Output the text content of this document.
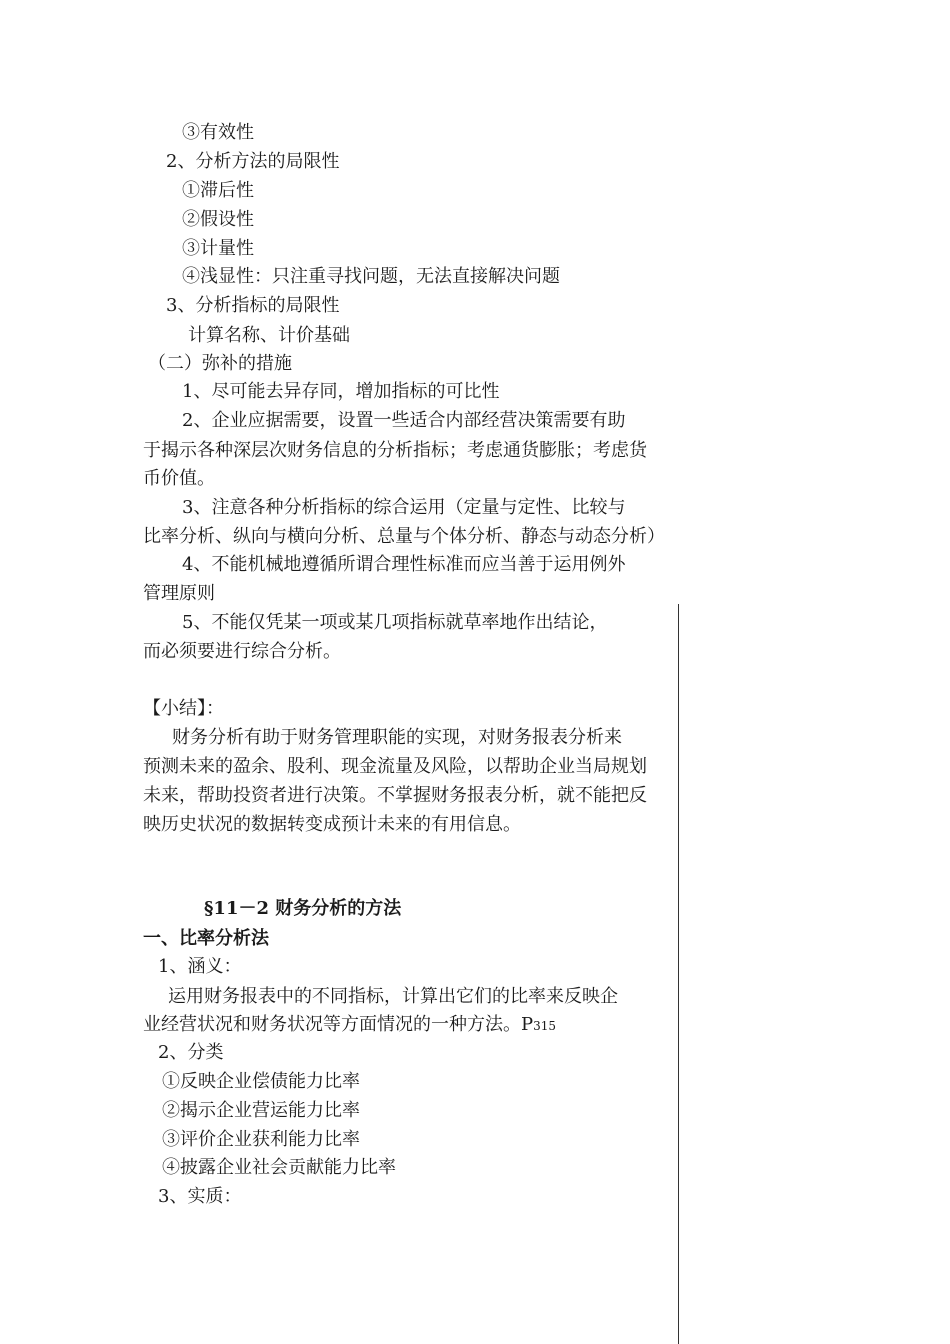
③有效性

2、分析方法的局限性

①滞后性

②假设性

③计量性

④浅显性：只注重寻找问题，无法直接解决问题

3、分析指标的局限性

计算名称、计价基础

（二）弥补的措施

1、尽可能去异存同，增加指标的可比性

2、企业应据需要，设置一些适合内部经营决策需要有助

于揭示各种深层次财务信息的分析指标；考虑通货膨胀；考虑货

币价值。

3、注意各种分析指标的综合运用（定量与定性、比较与

比率分析、纵向与横向分析、总量与个体分析、静态与动态分析）

4、不能机械地遵循所谓合理性标准而应当善于运用例外

管理原则

5、不能仅凭某一项或某几项指标就草率地作出结论，

而必须要进行综合分析。

【小结】：

财务分析有助于财务管理职能的实现，对财务报表分析来

预测未来的盈余、股利、现金流量及风险，以帮助企业当局规划

未来，帮助投资者进行决策。不掌握财务报表分析，就不能把反

映历史状况的数据转变成预计未来的有用信息。

§11－2 财务分析的方法

一、比率分析法

1、涵义：

运用财务报表中的不同指标，计算出它们的比率来反映企

业经营状况和财务状况等方面情况的一种方法。P315

2、分类

①反映企业偿债能力比率

②揭示企业营运能力比率

③评价企业获利能力比率

④披露企业社会贡献能力比率

3、实质：
